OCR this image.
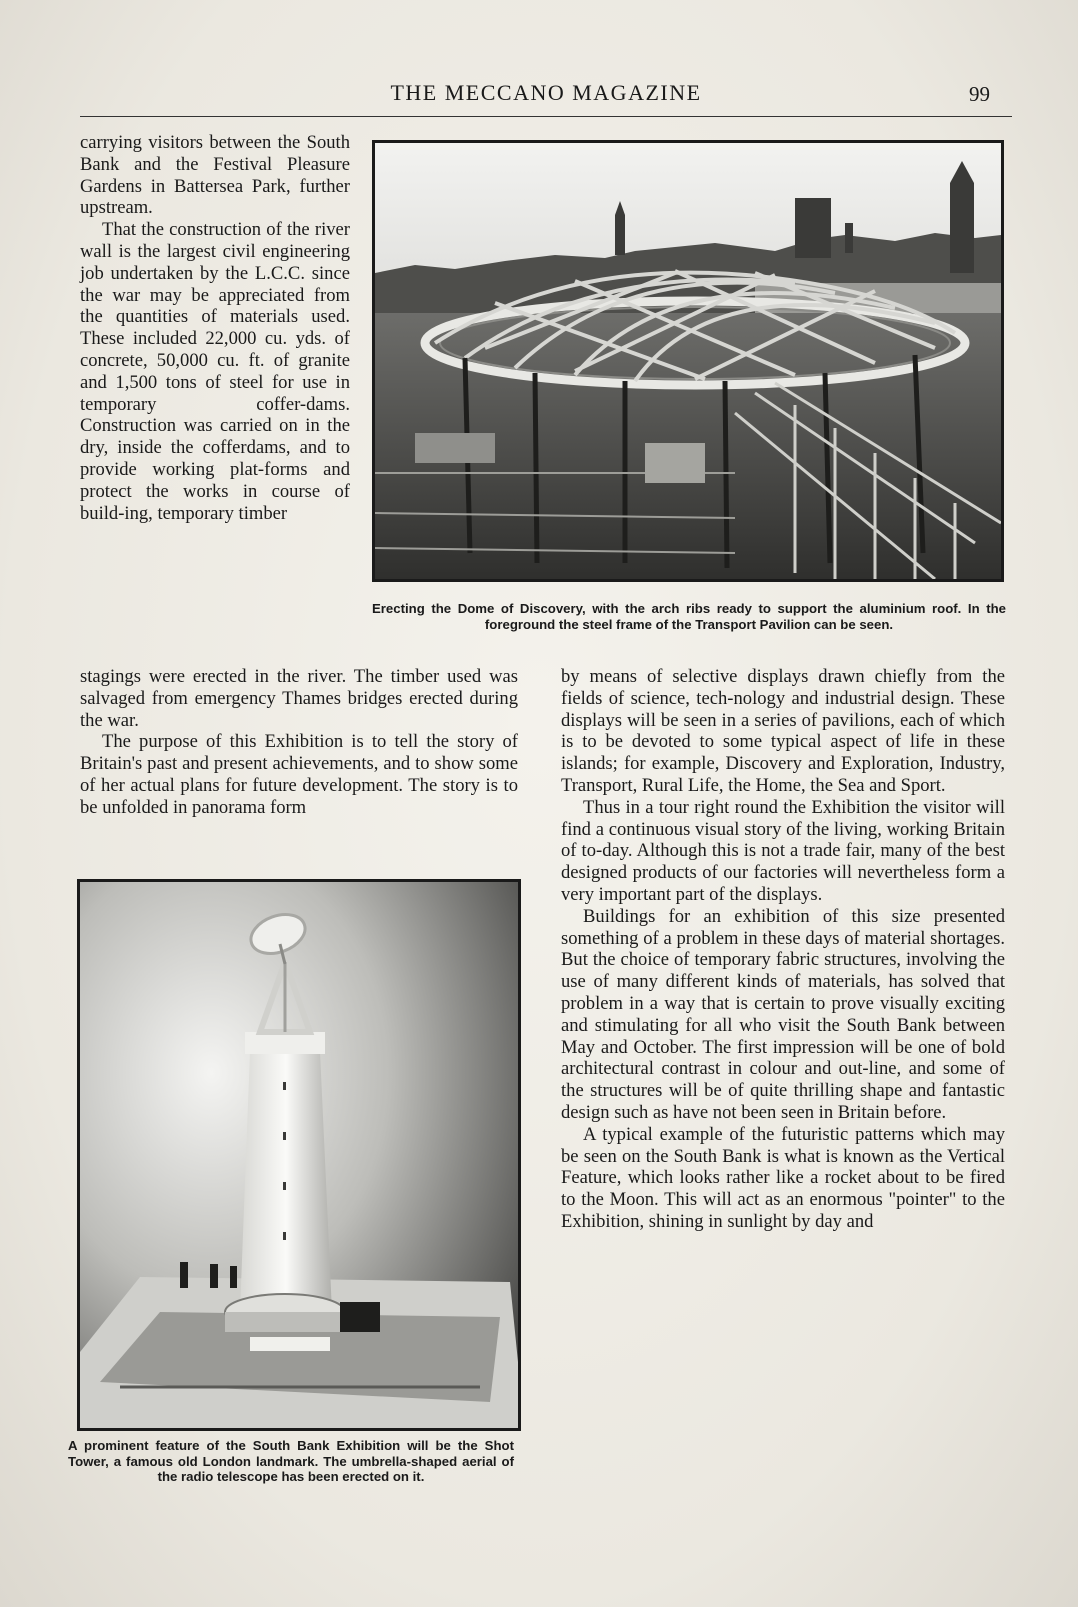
THE MECCANO MAGAZINE	99

carrying visitors between the South Bank and the Festival Pleasure Gardens in Battersea Park, further upstream.

That the construction of the river wall is the largest civil engineering job undertaken by the L.C.C. since the war may be appreciated from the quantities of materials used. These included 22,000 cu. yds. of concrete, 50,000 cu. ft. of granite and 1,500 tons of steel for use in temporary coffer-dams. Construction was carried on in the dry, inside the cofferdams, and to provide working plat-forms and protect the works in course of build-ing, temporary timber

Erecting the Dome of Discovery, with the arch ribs ready to support the aluminium roof. In the foreground the steel frame of the Transport Pavilion can be seen.

stagings were erected in the river. The timber used was salvaged from emergency Thames bridges erected during the war.

The purpose of this Exhibition is to tell the story of Britain's past and present achievements, and to show some of her actual plans for future development. The story is to be unfolded in panorama form

by means of selective displays drawn chiefly from the fields of science, tech-nology and industrial design. These displays will be seen in a series of pavilions, each of which is to be devoted to some typical aspect of life in these islands; for example, Discovery and Exploration, Industry, Transport, Rural Life, the Home, the Sea and Sport.

Thus in a tour right round the Exhibition the visitor will find a continuous visual story of the living, working Britain of to-day. Although this is not a trade fair, many of the best designed products of our factories will nevertheless form a very important part of the displays.

Buildings for an exhibition of this size presented something of a problem in these days of material shortages. But the choice of temporary fabric structures, involving the use of many different kinds of materials, has solved that problem in a way that is certain to prove visually exciting and stimulating for all who visit the South Bank between May and October. The first impression will be one of bold architectural contrast in colour and out-line, and some of the structures will be of quite thrilling shape and fantastic design such as have not been seen in Britain before.

A typical example of the futuristic patterns which may be seen on the South Bank is what is known as the Vertical Feature, which looks rather like a rocket about to be fired to the Moon. This will act as an enormous "pointer" to the Exhibition, shining in sunlight by day and

A prominent feature of the South Bank Exhibition will be the Shot Tower, a famous old London landmark. The umbrella-shaped aerial of the radio telescope has been erected on it.
